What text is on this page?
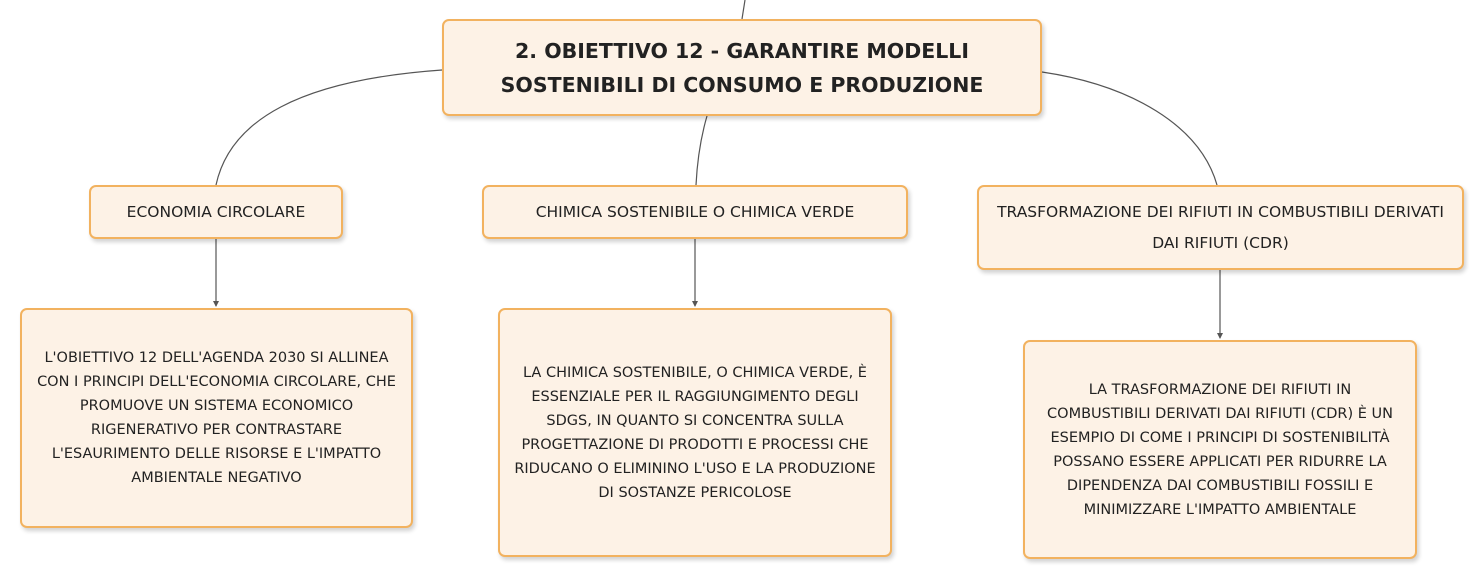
2. OBIETTIVO 12 - GARANTIRE MODELLI SOSTENIBILI DI CONSUMO E PRODUZIONE
ECONOMIA CIRCOLARE	CHIMICA SOSTENIBILE O CHIMICA VERDE	TRASFORMAZIONE DEI RIFIUTI IN COMBUSTIBILI DERIVATI DAI RIFIUTI (CDR)
L'OBIETTIVO 12 DELL'AGENDA 2030 SI ALLINEA CON I PRINCIPI DELL'ECONOMIA CIRCOLARE, CHE PROMUOVE UN SISTEMA ECONOMICO RIGENERATIVO PER CONTRASTARE L'ESAURIMENTO DELLE RISORSE E L'IMPATTO AMBIENTALE NEGATIVO
LA CHIMICA SOSTENIBILE, O CHIMICA VERDE, È ESSENZIALE PER IL RAGGIUNGIMENTO DEGLI SDGS, IN QUANTO SI CONCENTRA SULLA PROGETTAZIONE DI PRODOTTI E PROCESSI CHE RIDUCANO O ELIMININO L'USO E LA PRODUZIONE DI SOSTANZE PERICOLOSE
LA TRASFORMAZIONE DEI RIFIUTI IN COMBUSTIBILI DERIVATI DAI RIFIUTI (CDR) È UN ESEMPIO DI COME I PRINCIPI DI SOSTENIBILITÀ POSSANO ESSERE APPLICATI PER RIDURRE LA DIPENDENZA DAI COMBUSTIBILI FOSSILI E MINIMIZZARE L'IMPATTO AMBIENTALE
